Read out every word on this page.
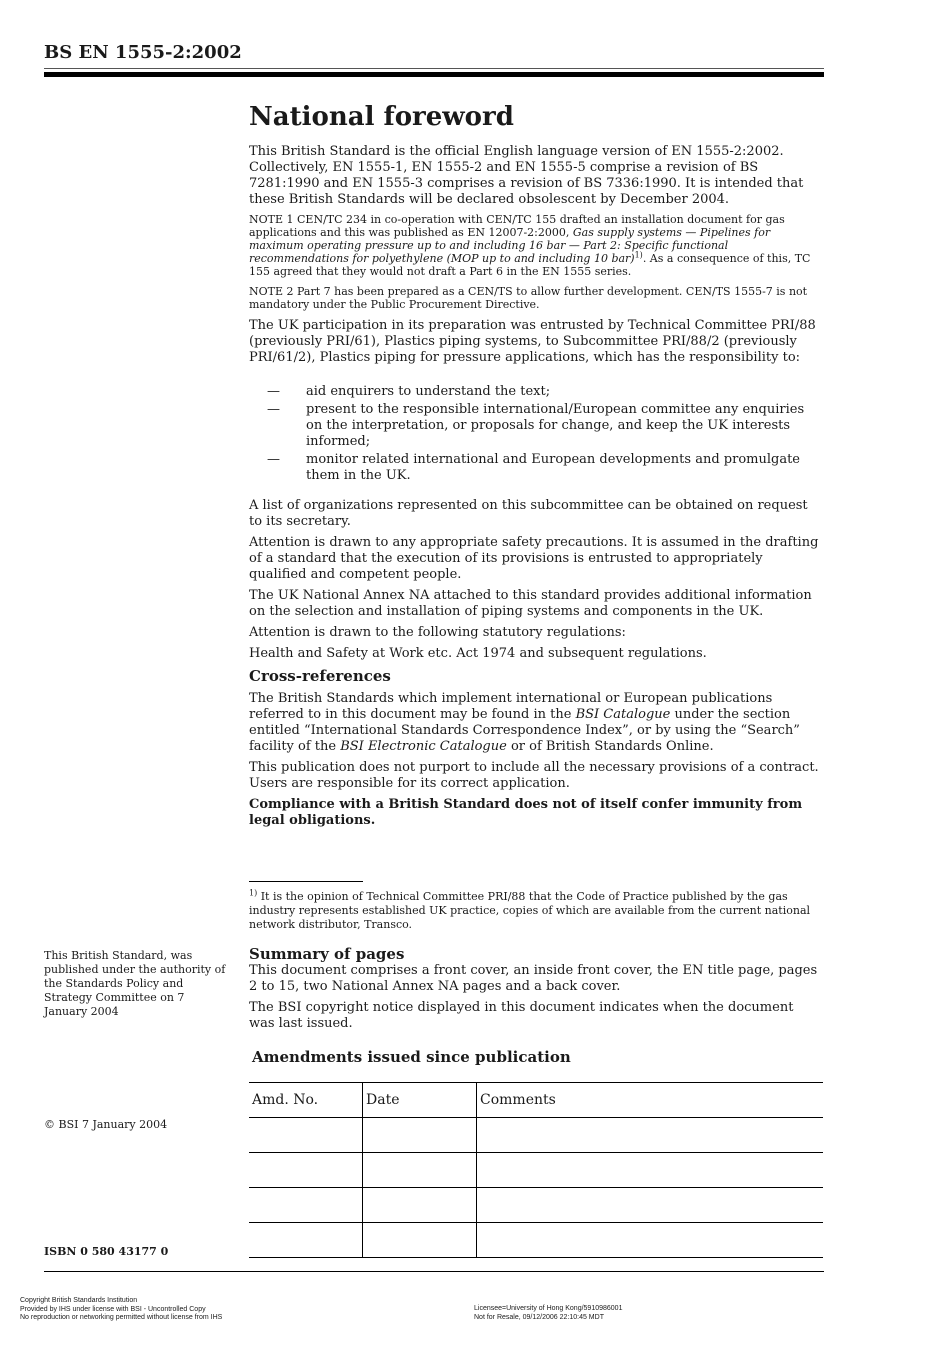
BS EN 1555-2:2002
National foreword

This British Standard is the official English language version of EN 1555-2:2002. Collectively, EN 1555-1, EN 1555-2 and EN 1555-5 comprise a revision of BS 7281:1990 and EN 1555-3 comprises a revision of BS 7336:1990. It is intended that these British Standards will be declared obsolescent by December 2004.

NOTE 1 CEN/TC 234 in co-operation with CEN/TC 155 drafted an installation document for gas applications and this was published as EN 12007-2:2000, Gas supply systems — Pipelines for maximum operating pressure up to and including 16 bar — Part 2: Specific functional recommendations for polyethylene (MOP up to and including 10 bar)$^{1)}$. As a consequence of this, TC 155 agreed that they would not draft a Part 6 in the EN 1555 series.

NOTE 2 Part 7 has been prepared as a CEN/TS to allow further development. CEN/TS 1555-7 is not mandatory under the Public Procurement Directive.

The UK participation in its preparation was entrusted by Technical Committee PRI/88 (previously PRI/61), Plastics piping systems, to Subcommittee PRI/88/2 (previously PRI/61/2), Plastics piping for pressure applications, which has the responsibility to:

— aid enquirers to understand the text;
— present to the responsible international/European committee any enquiries on the interpretation, or proposals for change, and keep the UK interests informed;
— monitor related international and European developments and promulgate them in the UK.

A list of organizations represented on this subcommittee can be obtained on request to its secretary.

Attention is drawn to any appropriate safety precautions. It is assumed in the drafting of a standard that the execution of its provisions is entrusted to appropriately qualified and competent people.

The UK National Annex NA attached to this standard provides additional information on the selection and installation of piping systems and components in the UK.

Attention is drawn to the following statutory regulations:

Health and Safety at Work etc. Act 1974 and subsequent regulations.

Cross-references

The British Standards which implement international or European publications referred to in this document may be found in the BSI Catalogue under the section entitled “International Standards Correspondence Index”, or by using the “Search” facility of the BSI Electronic Catalogue or of British Standards Online.

This publication does not purport to include all the necessary provisions of a contract. Users are responsible for its correct application.

Compliance with a British Standard does not of itself confer immunity from legal obligations.

$^{1)}$ It is the opinion of Technical Committee PRI/88 that the Code of Practice published by the gas industry represents established UK practice, copies of which are available from the current national network distributor, Transco.
This British Standard, was published under the authority of the Standards Policy and Strategy Committee on 7 January 2004
© BSI 7 January 2004
ISBN 0 580 43177 0
Summary of pages

This document comprises a front cover, an inside front cover, the EN title page, pages 2 to 15, two National Annex NA pages and a back cover.

The BSI copyright notice displayed in this document indicates when the document was last issued.

Amendments issued since publication
Amd. No.	Date	Comments

Copyright British Standards Institution
Provided by IHS under license with BSI - Uncontrolled Copy
No reproduction or networking permitted without license from IHS
Licensee=University of Hong Kong/5910986001
Not for Resale, 09/12/2006 22:10:45 MDT
